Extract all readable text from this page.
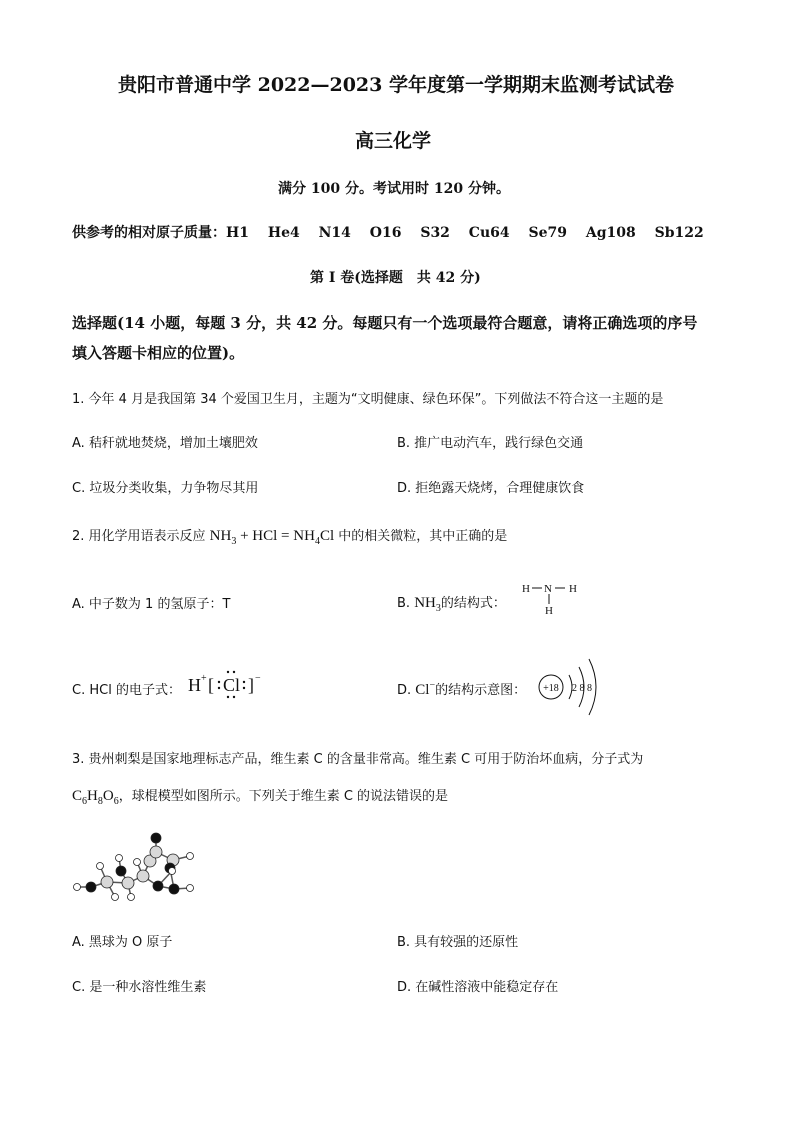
贵阳市普通中学 2022—2023 学年度第一学期期末监测考试试卷
高三化学
满分 100 分。考试用时 120 分钟。
供参考的相对原子质量：H1 He4 N14 O16 S32 Cu64 Se79 Ag108 Sb122
第 I 卷(选择题　共 42 分)
选择题(14 小题，每题 3 分，共 42 分。每题只有一个选项最符合题意，请将正确选项的序号
填入答题卡相应的位置)。
1. 今年 4 月是我国第 34 个爱国卫生月，主题为“文明健康、绿色环保”。下列做法不符合这一主题的是
A. 秸秆就地焚烧，增加土壤肥效	B. 推广电动汽车，践行绿色交通
C. 垃圾分类收集，力争物尽其用	D. 拒绝露天烧烤，合理健康饮食
2. 用化学用语表示反应 $NH_3$ + HCl = $NH_4Cl$ 中的相关微粒，其中正确的是
A. 中子数为 1 的氢原子：T	B. $NH_3$的结构式：
H N H
H
C. HCl 的电子式： H + [ Cl ] −
D. Cl−的结构示意图： +18 2 8 8
3. 贵州刺梨是国家地理标志产品，维生素 C 的含量非常高。维生素 C 可用于防治坏血病，分子式为
$C_6H_8O_6$，球棍模型如图所示。下列关于维生素 C 的说法错误的是
A. 黑球为 O 原子	B. 具有较强的还原性
C. 是一种水溶性维生素	D. 在碱性溶液中能稳定存在
